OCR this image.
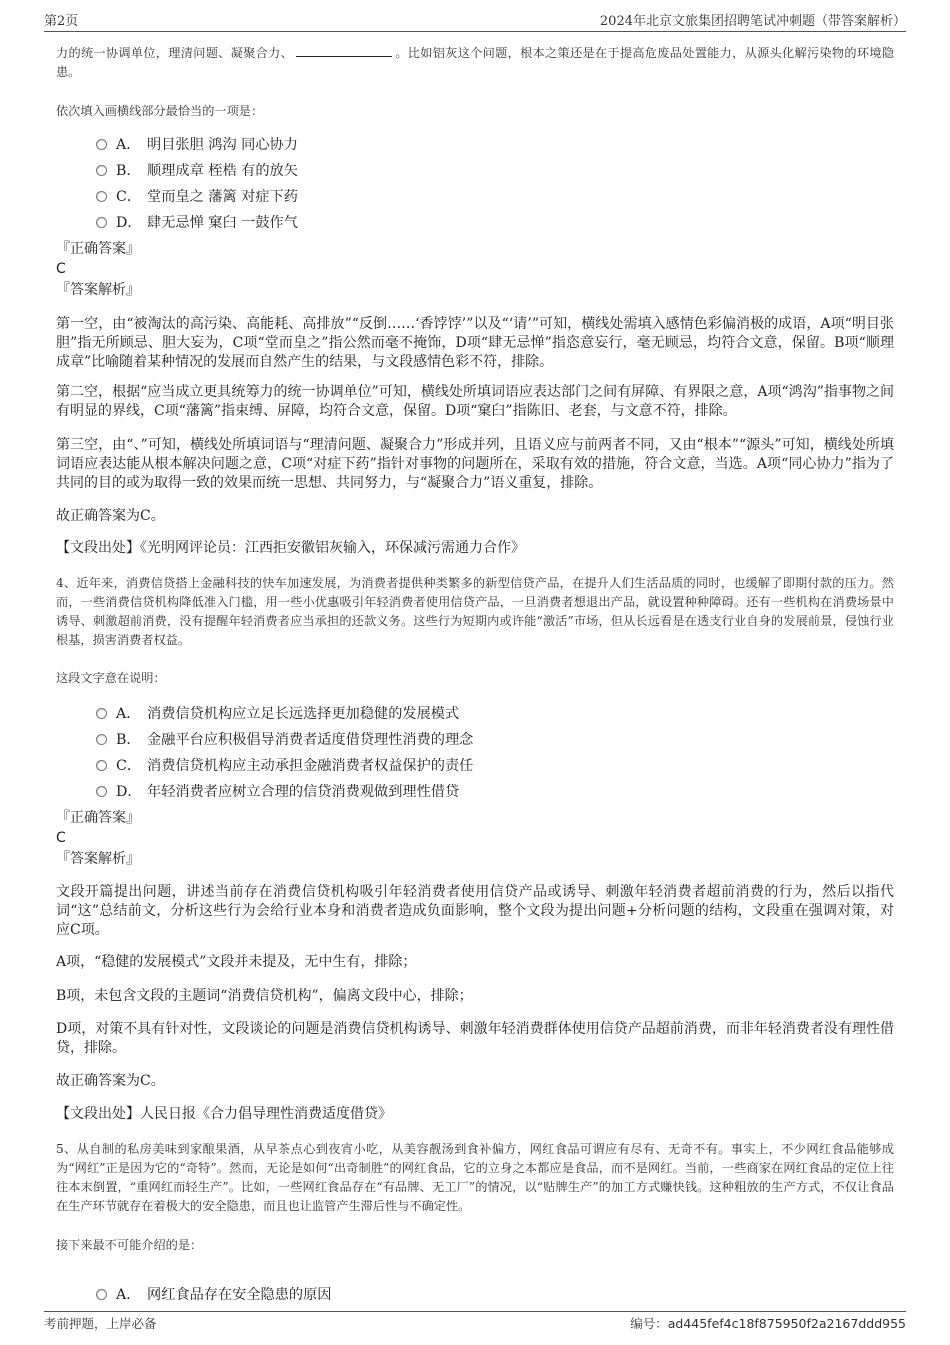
第2页	2024年北京文旅集团招聘笔试冲刺题（带答案解析）

力的统一协调单位，理清问题、凝聚合力、	。比如铝灰这个问题，根本之策还是在于提高危废品处置能力，从源头化解污染物的环境隐患。

依次填入画横线部分最恰当的一项是：

A． 明目张胆 鸿沟 同心协力
B． 顺理成章 桎梏 有的放矢
C． 堂而皇之 藩篱 对症下药
D． 肆无忌惮 窠臼 一鼓作气

『正确答案』

C

『答案解析』

第一空，由“被淘汰的高污染、高能耗、高排放”“反倒……‘香饽饽’”以及“‘请’”可知，横线处需填入感情色彩偏消极的成语，A项“明目张胆”指无所顾忌、胆大妄为，C项“堂而皇之”指公然而毫不掩饰，D项“肆无忌惮”指恣意妄行，毫无顾忌，均符合文意，保留。B项“顺理成章”比喻随着某种情况的发展而自然产生的结果，与文段感情色彩不符，排除。

第二空，根据“应当成立更具统筹力的统一协调单位”可知，横线处所填词语应表达部门之间有屏障、有界限之意，A项“鸿沟”指事物之间有明显的界线，C项“藩篱”指束缚、屏障，均符合文意，保留。D项“窠臼”指陈旧、老套，与文意不符，排除。

第三空，由“、”可知，横线处所填词语与“理清问题、凝聚合力”形成并列，且语义应与前两者不同，又由“根本”“源头”可知，横线处所填词语应表达能从根本解决问题之意，C项“对症下药”指针对事物的问题所在，采取有效的措施，符合文意，当选。A项“同心协力”指为了共同的目的或为取得一致的效果而统一思想、共同努力，与“凝聚合力”语义重复，排除。

故正确答案为C。

【文段出处】《光明网评论员：江西拒安徽铝灰输入，环保减污需通力合作》

4、近年来，消费信贷搭上金融科技的快车加速发展，为消费者提供种类繁多的新型信贷产品，在提升人们生活品质的同时，也缓解了即期付款的压力。然而，一些消费信贷机构降低准入门槛，用一些小优惠吸引年轻消费者使用信贷产品，一旦消费者想退出产品，就设置种种障碍。还有一些机构在消费场景中诱导、刺激超前消费，没有提醒年轻消费者应当承担的还款义务。这些行为短期内或许能“激活”市场，但从长远看是在透支行业自身的发展前景，侵蚀行业根基，损害消费者权益。

这段文字意在说明：

A． 消费信贷机构应立足长远选择更加稳健的发展模式
B． 金融平台应积极倡导消费者适度借贷理性消费的理念
C． 消费信贷机构应主动承担金融消费者权益保护的责任
D． 年轻消费者应树立合理的信贷消费观做到理性借贷

『正确答案』

C

『答案解析』

文段开篇提出问题，讲述当前存在消费信贷机构吸引年轻消费者使用信贷产品或诱导、刺激年轻消费者超前消费的行为，然后以指代词“这”总结前文，分析这些行为会给行业本身和消费者造成负面影响，整个文段为提出问题+分析问题的结构，文段重在强调对策，对应C项。

A项，“稳健的发展模式”文段并未提及，无中生有，排除；

B项，未包含文段的主题词“消费信贷机构”，偏离文段中心，排除；

D项，对策不具有针对性，文段谈论的问题是消费信贷机构诱导、刺激年轻消费群体使用信贷产品超前消费，而非年轻消费者没有理性借贷，排除。

故正确答案为C。

【文段出处】人民日报《合力倡导理性消费适度借贷》

5、从自制的私房美味到家酿果酒，从早茶点心到夜宵小吃，从美容靓汤到食补偏方，网红食品可谓应有尽有、无奇不有。事实上，不少网红食品能够成为“网红”正是因为它的“奇特”。然而，无论是如何“出奇制胜”的网红食品，它的立身之本都应是食品，而不是网红。当前，一些商家在网红食品的定位上往往本末倒置，“重网红而轻生产”。比如，一些网红食品存在“有品牌、无工厂”的情况，以“贴牌生产”的加工方式赚快钱。这种粗放的生产方式，不仅让食品在生产环节就存在着极大的安全隐患，而且也让监管产生滞后性与不确定性。

接下来最不可能介绍的是：

A． 网红食品存在安全隐患的原因
考前押题，上岸必备	编号：ad445fef4c18f875950f2a2167ddd955
